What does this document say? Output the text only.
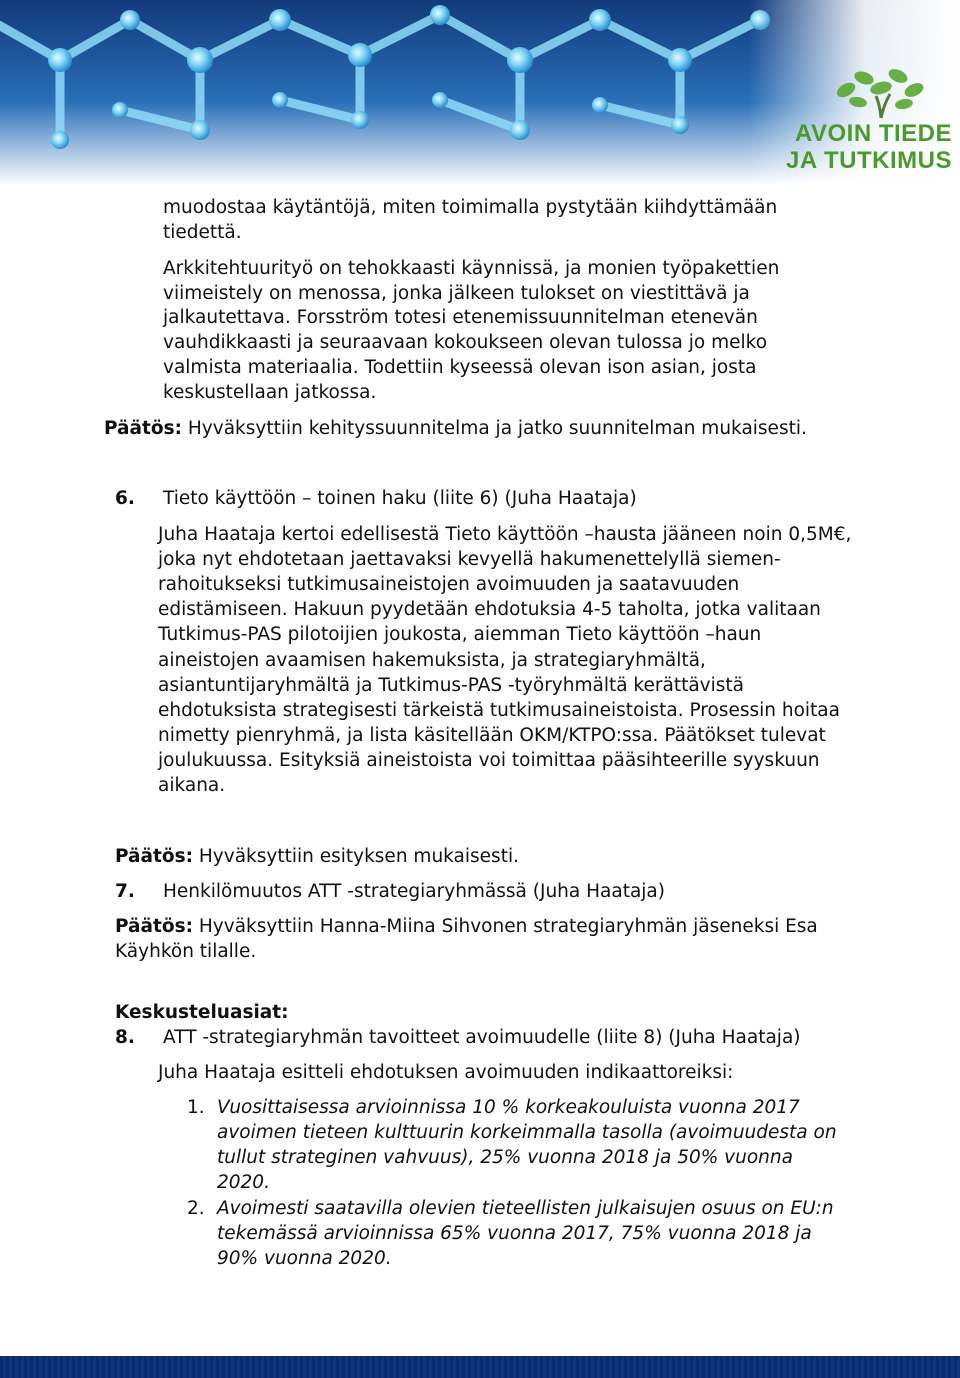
AVOIN TIEDE
JA TUTKIMUS

muodostaa käytäntöjä, miten toimimalla pystytään kiihdyttämään

tiedettä.

Arkkitehtuurityö on tehokkaasti käynnissä, ja monien työpakettien

viimeistely on menossa, jonka jälkeen tulokset on viestittävä ja

jalkautettava. Forsström totesi etenemissuunnitelman etenevän

vauhdikkaasti ja seuraavaan kokoukseen olevan tulossa jo melko

valmista materiaalia. Todettiin kyseessä olevan ison asian, josta

keskustellaan jatkossa.

Päätös: Hyväksyttiin kehityssuunnitelma ja jatko suunnitelman mukaisesti.

6. Tieto käyttöön – toinen haku (liite 6) (Juha Haataja)

Juha Haataja kertoi edellisestä Tieto käyttöön –hausta jääneen noin 0,5M€,

joka nyt ehdotetaan jaettavaksi kevyellä hakumenettelyllä siemen-

rahoitukseksi tutkimusaineistojen avoimuuden ja saatavuuden

edistämiseen. Hakuun pyydetään ehdotuksia 4-5 taholta, jotka valitaan

Tutkimus-PAS pilotoijien joukosta, aiemman Tieto käyttöön –haun

aineistojen avaamisen hakemuksista, ja strategiaryhmältä,

asiantuntijaryhmältä ja Tutkimus-PAS -työryhmältä kerättävistä

ehdotuksista strategisesti tärkeistä tutkimusaineistoista. Prosessin hoitaa

nimetty pienryhmä, ja lista käsitellään OKM/KTPO:ssa. Päätökset tulevat

joulukuussa. Esityksiä aineistoista voi toimittaa pääsihteerille syyskuun

aikana.

Päätös: Hyväksyttiin esityksen mukaisesti.

7. Henkilömuutos ATT -strategiaryhmässä (Juha Haataja)

Päätös: Hyväksyttiin Hanna-Miina Sihvonen strategiaryhmän jäseneksi Esa

Käyhkön tilalle.

Keskusteluasiat:

8. ATT -strategiaryhmän tavoitteet avoimuudelle (liite 8) (Juha Haataja)

Juha Haataja esitteli ehdotuksen avoimuuden indikaattoreiksi:

1. Vuosittaisessa arvioinnissa 10 % korkeakouluista vuonna 2017

avoimen tieteen kulttuurin korkeimmalla tasolla (avoimuudesta on

tullut strateginen vahvuus), 25% vuonna 2018 ja 50% vuonna

2020.

2. Avoimesti saatavilla olevien tieteellisten julkaisujen osuus on EU:n

tekemässä arvioinnissa 65% vuonna 2017, 75% vuonna 2018 ja

90% vuonna 2020.
